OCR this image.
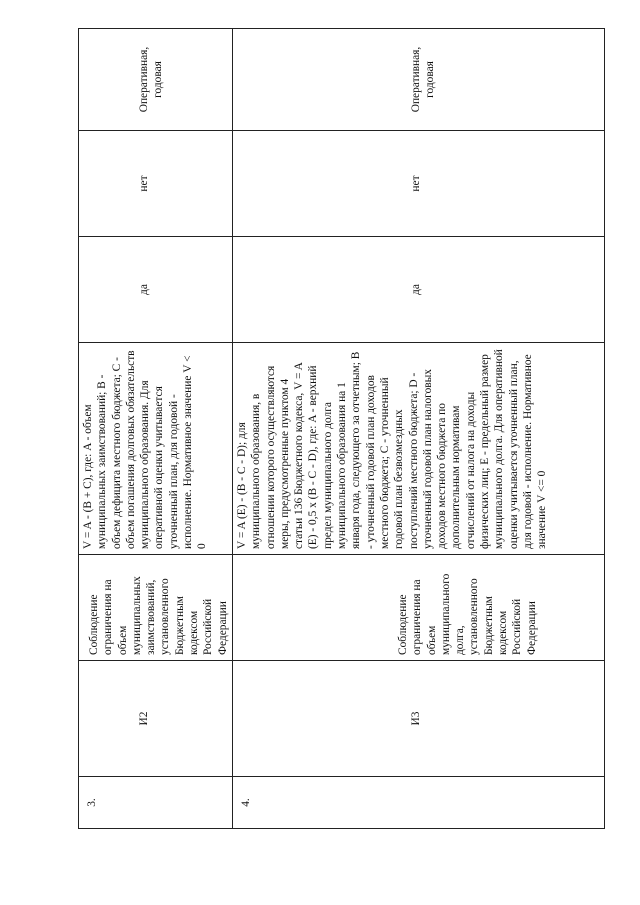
3.	И2	Соблюдение ограничения на объем муниципальных заимствований, установленного Бюджетным кодексом Российской Федерации	V = A - (B + C), где: A - объем муниципальных заимствований; B - объем дефицита местного бюджета; C - объем погашения долговых обязательств муниципального образования. Для оперативной оценки учитывается уточненный план, для годовой - исполнение. Нормативное значение V < 0	да	нет	Оперативная, годовая
4.	И3	Соблюдение ограничения на объем муниципального долга, установленного Бюджетным кодексом Российской Федерации	V = A (E) - (B - C - D); для муниципального образования, в отношении которого осуществляются меры, предусмотренные пунктом 4 статьи 136 Бюджетного кодекса, V = A (E) - 0,5 x (B - C - D), где: A - верхний предел муниципального долга муниципального образования на 1 января года, следующего за отчетным; B - уточненный годовой план доходов местного бюджета; C - уточненный годовой план безвозмездных поступлений местного бюджета; D - уточненный годовой план налоговых доходов местного бюджета по дополнительным нормативам отчислений от налога на доходы физических лиц; E - предельный размер муниципального долга. Для оперативной оценки учитывается уточненный план, для годовой - исполнение. Нормативное значение V <= 0	да	нет	Оперативная, годовая
